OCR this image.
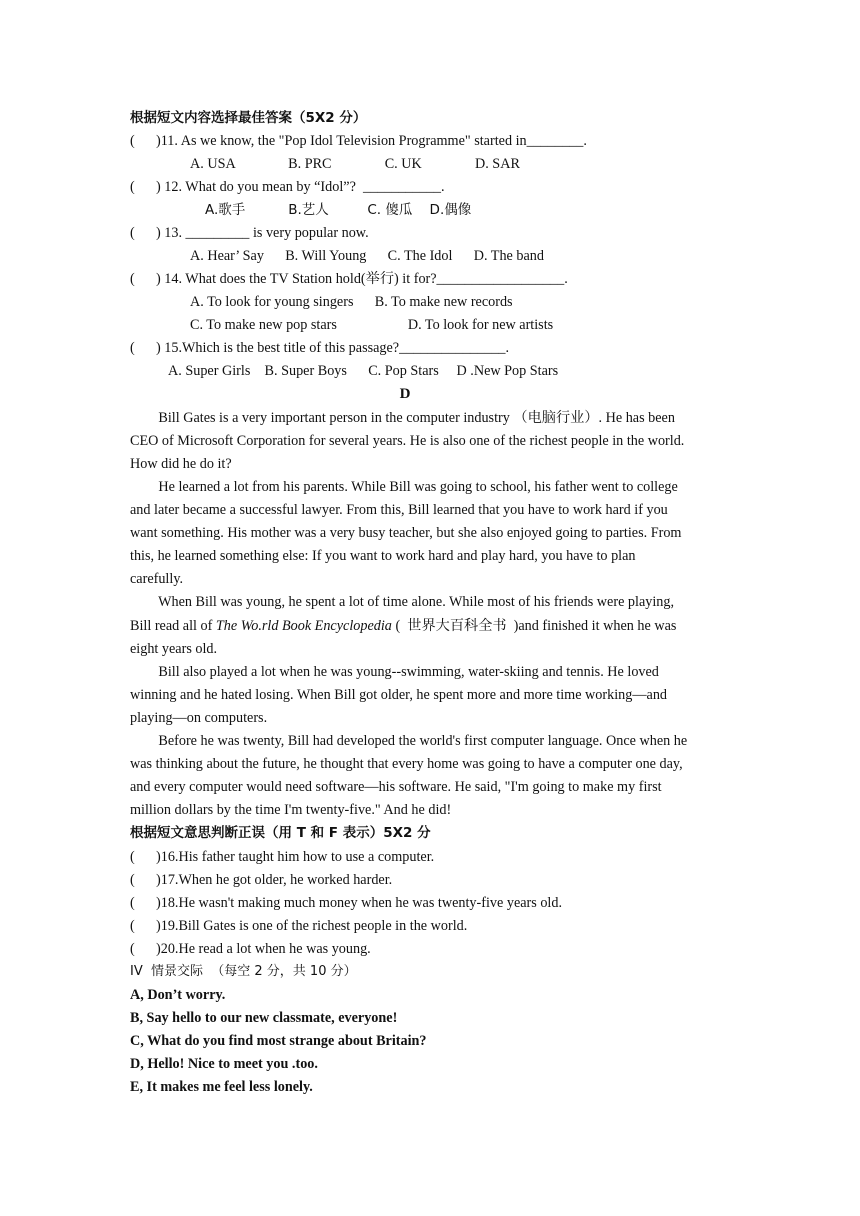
根据短文内容选择最佳答案（5X2 分）
(      )11. As we know, the "Pop Idol Television Programme" started in________.
A. USA               B. PRC               C. UK               D. SAR
(      ) 12. What do you mean by “Idol”?  ___________.
A.歌手          B.艺人         C. 傻瓜    D.偶像
(      ) 13. _________ is very popular now.
A. Hear’ Say      B. Will Young      C. The Idol      D. The band
(      ) 14. What does the TV Station hold(举行) it for?__________________.
A. To look for young singers      B. To make new records
C. To make new pop stars                    D. To look for new artists
(      ) 15.Which is the best title of this passage?_______________.
A. Super Girls    B. Super Boys      C. Pop Stars     D .New Pop Stars
D
Bill Gates is a very important person in the computer industry （电脑行业）. He has been
CEO of Microsoft Corporation for several years. He is also one of the richest people in the world.
How did he do it?
He learned a lot from his parents. While Bill was going to school, his father went to college
and later became a successful lawyer. From this, Bill learned that you have to work hard if you
want something. His mother was a very busy teacher, but she also enjoyed going to parties. From
this, he learned something else: If you want to work hard and play hard, you have to plan
carefully.
When Bill was young, he spent a lot of time alone. While most of his friends were playing,
Bill read all of The Wo.rld Book Encyclopedia (  世界大百科全书  )and finished it when he was
eight years old.
Bill also played a lot when he was young--swimming, water-skiing and tennis. He loved
winning and he hated losing. When Bill got older, he spent more and more time working—and
playing—on computers.
Before he was twenty, Bill had developed the world's first computer language. Once when he
was thinking about the future, he thought that every home was going to have a computer one day,
and every computer would need software—his software. He said, "I'm going to make my first
million dollars by the time I'm twenty-five." And he did!
根据短文意思判断正误（用 T 和 F 表示）5X2 分
(      )16.His father taught him how to use a computer.
(      )17.When he got older, he worked harder.
(      )18.He wasn't making much money when he was twenty-five years old.
(      )19.Bill Gates is one of the richest people in the world.
(      )20.He read a lot when he was young.
IV  情景交际  （每空 2 分，共 10 分）
A, Don’t worry.
B, Say hello to our new classmate, everyone!
C, What do you find most strange about Britain?
D, Hello! Nice to meet you .too.
E, It makes me feel less lonely.
